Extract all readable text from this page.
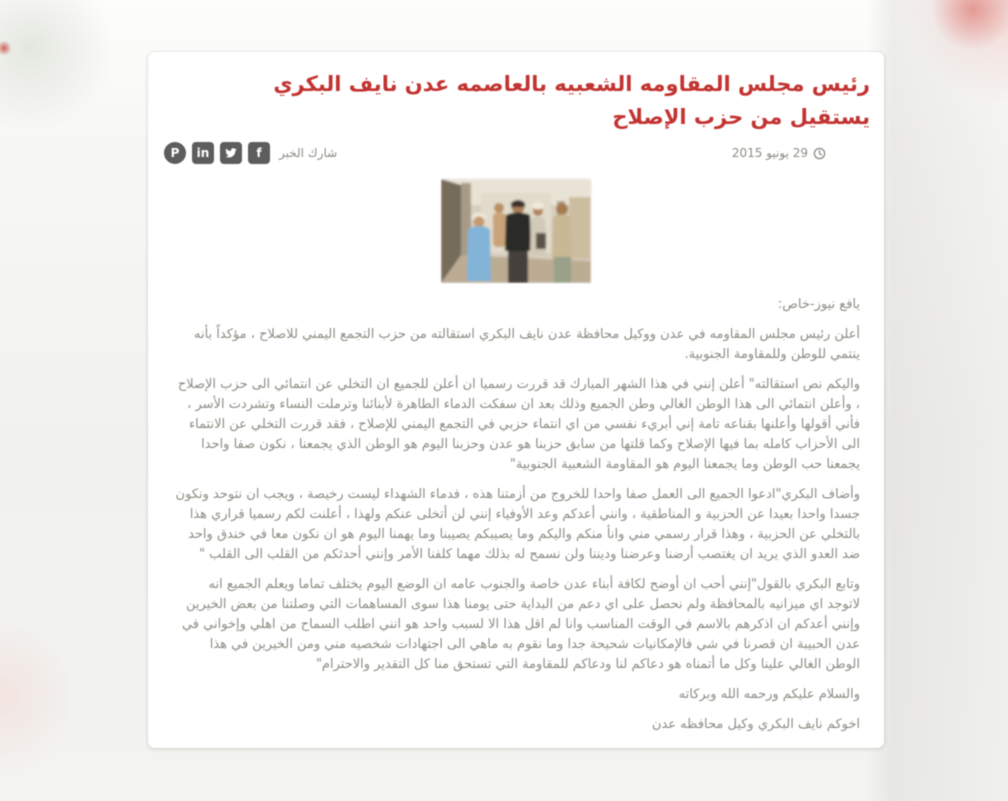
رئيس مجلس المقاومه الشعبيه بالعاصمه عدن نايف البكري يستقيل من حزب الإصلاح
29 يونيو 2015
P	in	f	شارك الخبر

يافع نيوز-خاص:

أعلن رئيس مجلس المقاومه في عدن ووكيل محافظة عدن نايف البكري استقالته من حزب التجمع اليمني للاصلاح ، مؤكداً بأنه ينتمي للوطن وللمقاومة الجنوبية.

واليكم نص استقالته" أعلن إنني في هذا الشهر المبارك قد قررت رسميا ان أعلن للجميع ان التخلي عن انتمائي الى حزب الإصلاح ، وأعلن انتمائي الى هذا الوطن الغالي وطن الجميع وذلك بعد ان سفكت الدماء الطاهرة لأبنائنا وترملت النساء وتشردت الأسر ، فأني أقولها وأعلنها بقناعه تامة إني أبريء نفسي من اي انتماء حزبي في التجمع اليمني للإصلاح ، فقد قررت التخلي عن الانتماء الى الأحزاب كامله بما فيها الإصلاح وكما قلتها من سابق حزبنا هو عدن وحزبنا اليوم هو الوطن الذي يجمعنا ، نكون صفا واحدا يجمعنا حب الوطن وما يجمعنا اليوم هو المقاومة الشعبية الجنوبية"

وأضاف البكري"ادعوا الجميع الى العمل صفا واحدا للخروج من أزمتنا هذه ، فدماء الشهداء ليست رخيصة ، ويجب ان نتوحد ونكون جسدا واحدا بعيدا عن الحزبية و المناطقية ، وانني أعدكم وعد الأوفياء إنني لن أتخلى عنكم ولهذا ، أعلنت لكم رسميا قراري هذا بالتخلي عن الحزبية ، وهذا قرار رسمي مني وانأ منكم واليكم وما يصيبكم يصيبنا وما يهمنا اليوم هو ان نكون معا في خندق واحد ضد العدو الذي يريد ان يغتصب أرضنا وعرضنا وديننا ولن نسمح له بذلك مهما كلفنا الأمر وإنني أحدثكم من القلب الى القلب "

وتابع البكري بالقول"إنني أحب ان أوضح لكافة أبناء عدن خاصة والجنوب عامه ان الوضع اليوم يختلف تماما ويعلم الجميع انه لاتوجد اي ميزانيه بالمحافظة ولم نحصل على اي دعم من البداية حتى يومنا هذا سوى المساهمات التي وصلتنا من بعض الخيرين وإنني أعدكم ان اذكرهم بالاسم في الوقت المناسب وانا لم اقل هذا الا لسبب واحد هو انني اطلب السماح من اهلي وإخواني في عدن الحبيبة ان قصرنا في شي فالإمكانيات شحيحة جدا وما نقوم به ماهي الى اجتهادات شخصيه مني ومن الخيرين في هذا الوطن الغالي علينا وكل ما أتمناه هو دعاكم لنا ودعاكم للمقاومة التي تستحق منا كل التقدير والاحترام"

والسلام عليكم ورحمه الله وبركاته

اخوكم نايف البكري وكيل محافظه عدن
